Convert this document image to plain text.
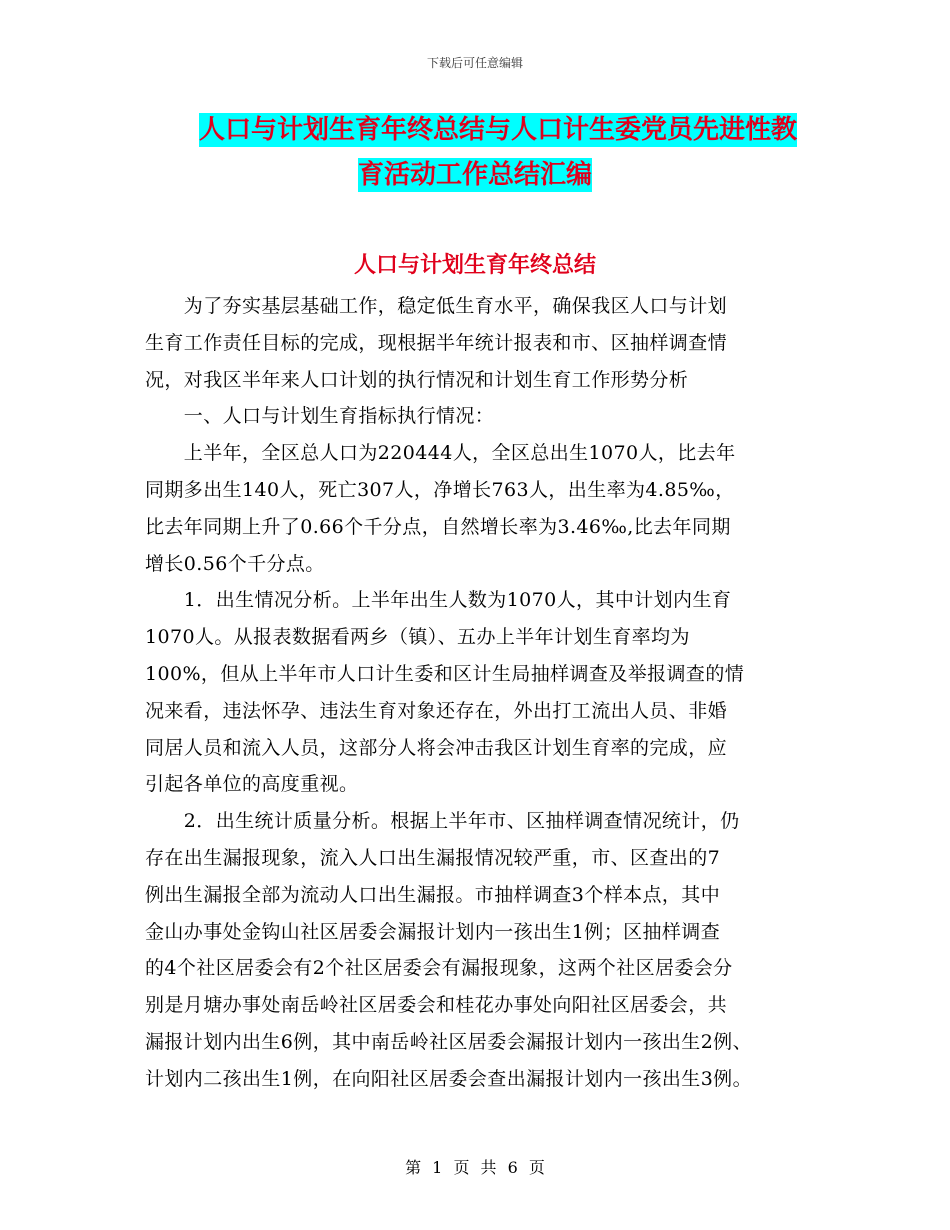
下载后可任意编辑
人口与计划生育年终总结与人口计生委党员先进性教
育活动工作总结汇编
人口与计划生育年终总结

　　为了夯实基层基础工作，稳定低生育水平，确保我区人口与计划

生育工作责任目标的完成，现根据半年统计报表和市、区抽样调查情

况，对我区半年来人口计划的执行情况和计划生育工作形势分析

　　一、人口与计划生育指标执行情况：

　　上半年，全区总人口为220444人，全区总出生1070人，比去年

同期多出生140人，死亡307人，净增长763人，出生率为4.85‰，

比去年同期上升了0.66个千分点，自然增长率为3.46‰,比去年同期

增长0.56个千分点。

　　1．出生情况分析。上半年出生人数为1070人，其中计划内生育

1070人。从报表数据看两乡（镇）、五办上半年计划生育率均为

100%，但从上半年市人口计生委和区计生局抽样调查及举报调查的情

况来看，违法怀孕、违法生育对象还存在，外出打工流出人员、非婚

同居人员和流入人员，这部分人将会冲击我区计划生育率的完成，应

引起各单位的高度重视。

　　2．出生统计质量分析。根据上半年市、区抽样调查情况统计，仍

存在出生漏报现象，流入人口出生漏报情况较严重，市、区查出的7

例出生漏报全部为流动人口出生漏报。市抽样调查3个样本点，其中

金山办事处金钩山社区居委会漏报计划内一孩出生1例；区抽样调查

的4个社区居委会有2个社区居委会有漏报现象，这两个社区居委会分

别是月塘办事处南岳岭社区居委会和桂花办事处向阳社区居委会，共

漏报计划内出生6例，其中南岳岭社区居委会漏报计划内一孩出生2例、

计划内二孩出生1例，在向阳社区居委会查出漏报计划内一孩出生3例。

第 1 页 共 6 页
